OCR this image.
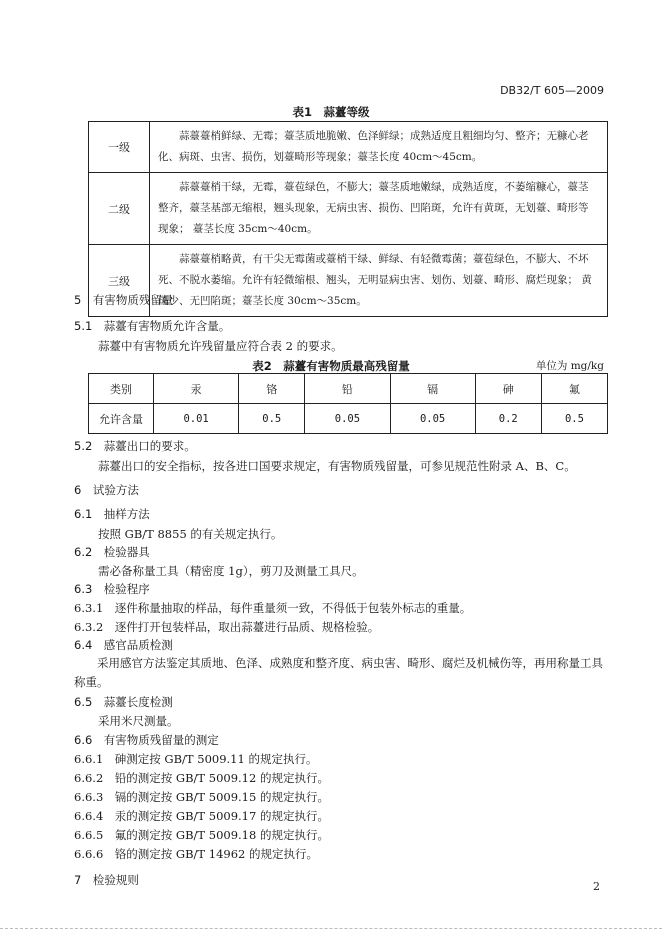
DB32/T 605—2009
表1　蒜薹等级
一级	蒜薹薹梢鲜绿、无霉；薹茎质地脆嫩、色泽鲜绿；成熟适度且粗细均匀、整齐；无糠心老化、病斑、虫害、损伤，划薹畸形等现象；薹茎长度 40cm～45cm。
二级	蒜薹薹梢干绿，无霉，薹苞绿色，不膨大；薹茎质地嫩绿，成熟适度，不萎缩糠心，薹茎整齐，薹茎基部无缩根，翘头现象，无病虫害、损伤、凹陷斑，允许有黄斑，无划薹、畸形等现象； 薹茎长度 35cm～40cm。
三级	蒜薹薹梢略黄，有干尖无霉菌或薹梢干绿、鲜绿、有轻微霉菌；薹苞绿色，不膨大、不坏死、不脱水萎缩。允许有轻微缩根、翘头，无明显病虫害、划伤、划薹、畸形、腐烂现象； 黄斑少、无凹陷斑；薹茎长度 30cm～35cm。
5　有害物质残留量
5.1　蒜薹有害物质允许含量。
蒜薹中有害物质允许残留量应符合表 2 的要求。
表2　蒜薹有害物质最高残留量	单位为 mg/kg
类别	汞	铬	铅	镉	砷	氟
允许含量	0.01	0.5	0.05	0.05	0.2	0.5
5.2　蒜薹出口的要求。
蒜薹出口的安全指标，按各进口国要求规定，有害物质残留量，可参见规范性附录 A、B、C。
6　试验方法
6.1　抽样方法
按照 GB/T 8855 的有关规定执行。
6.2　检验器具
需必备称量工具（精密度 1g），剪刀及测量工具尺。
6.3　检验程序
6.3.1　逐件称量抽取的样品，每件重量须一致，不得低于包装外标志的重量。
6.3.2　逐件打开包装样品，取出蒜薹进行品质、规格检验。
6.4　感官品质检测
采用感官方法鉴定其质地、色泽、成熟度和整齐度、病虫害、畸形、腐烂及机械伤等，再用称量工具称重。
6.5　蒜薹长度检测
采用米尺测量。
6.6　有害物质残留量的测定
6.6.1　砷测定按 GB/T 5009.11 的规定执行。
6.6.2　铅的测定按 GB/T 5009.12 的规定执行。
6.6.3　镉的测定按 GB/T 5009.15 的规定执行。
6.6.4　汞的测定按 GB/T 5009.17 的规定执行。
6.6.5　氟的测定按 GB/T 5009.18 的规定执行。
6.6.6　铬的测定按 GB/T 14962 的规定执行。
7　检验规则	2
